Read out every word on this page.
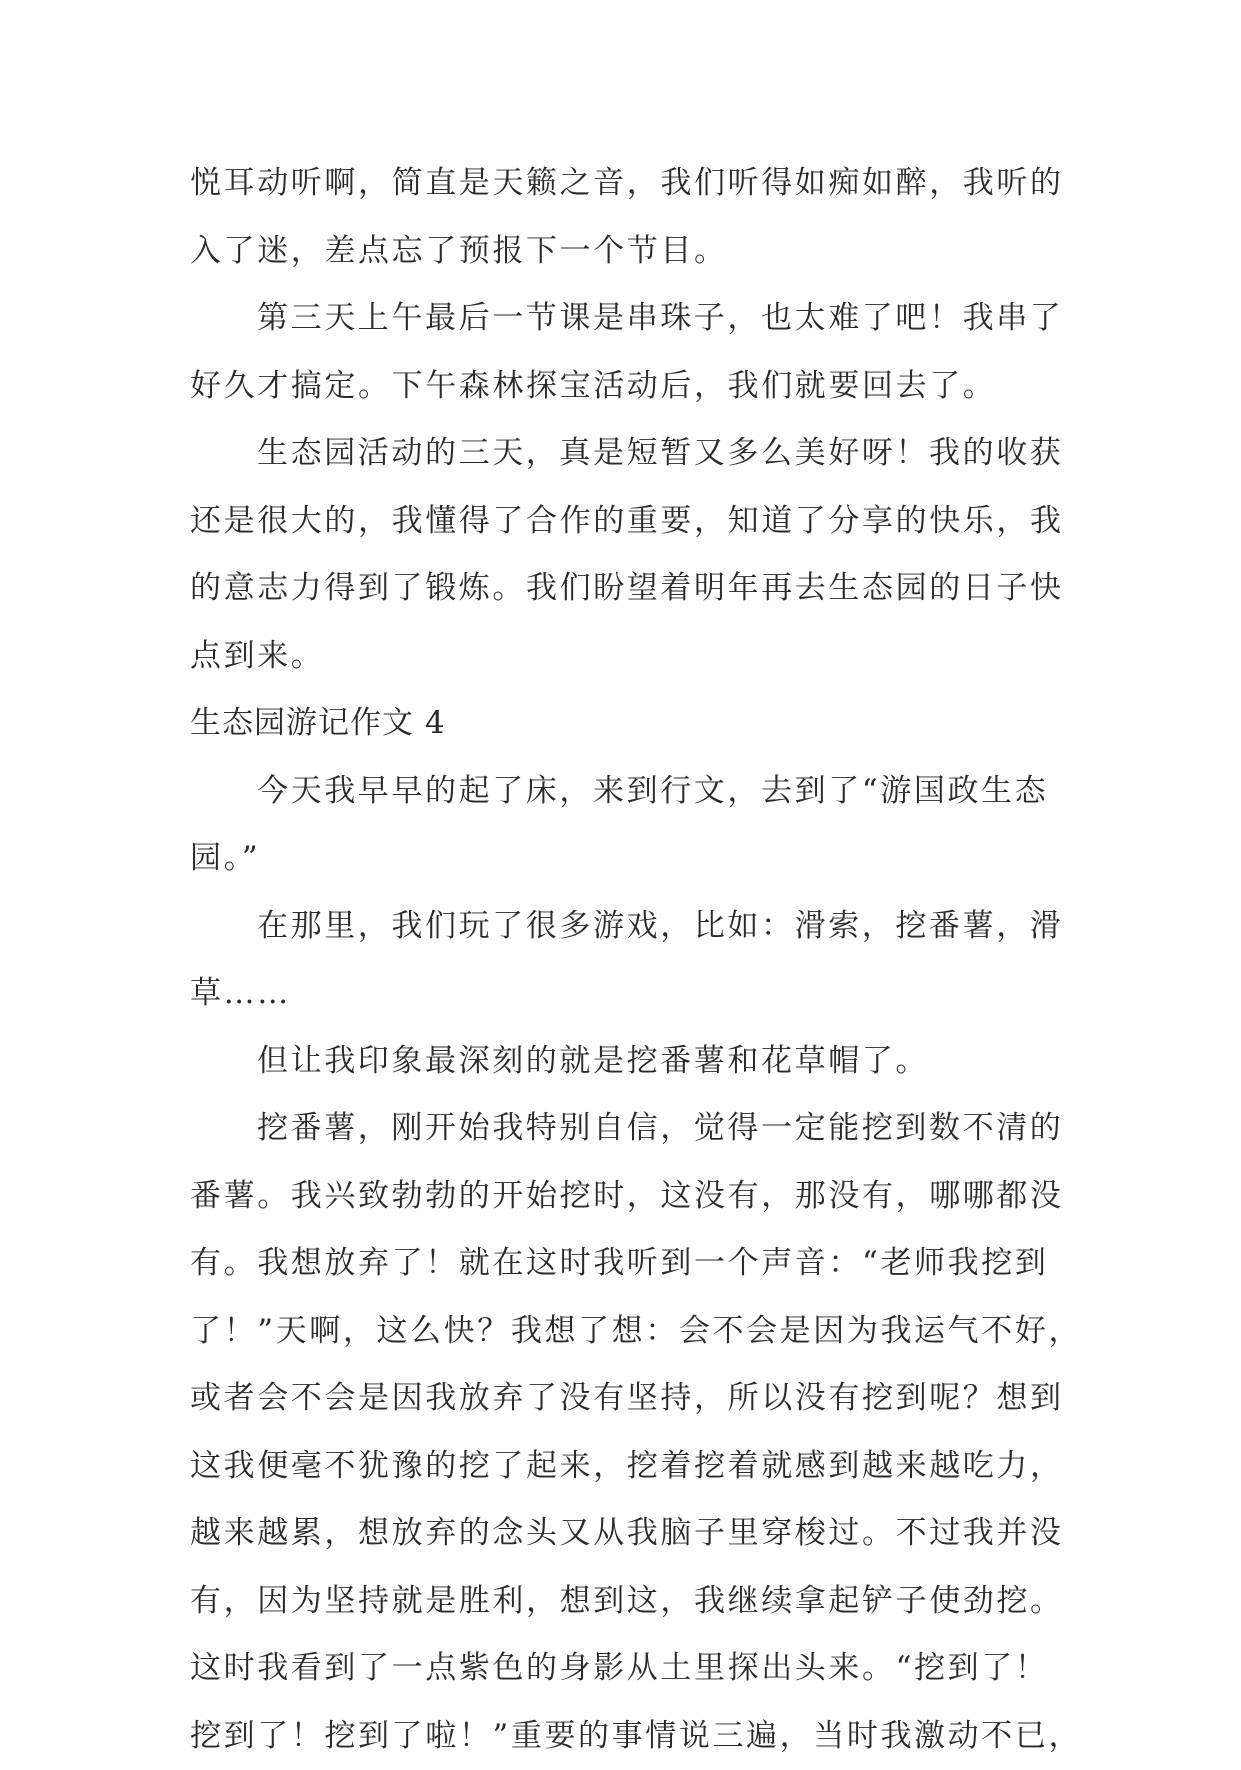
悦耳动听啊，简直是天籁之音，我们听得如痴如醉，我听的
入了迷，差点忘了预报下一个节目。
第三天上午最后一节课是串珠子，也太难了吧！我串了
好久才搞定。下午森林探宝活动后，我们就要回去了。
生态园活动的三天，真是短暂又多么美好呀！我的收获
还是很大的，我懂得了合作的重要，知道了分享的快乐，我
的意志力得到了锻炼。我们盼望着明年再去生态园的日子快
点到来。
生态园游记作文 4
今天我早早的起了床，来到行文，去到了“游国政生态
园。”
在那里，我们玩了很多游戏，比如：滑索，挖番薯，滑
草……
但让我印象最深刻的就是挖番薯和花草帽了。
挖番薯，刚开始我特别自信，觉得一定能挖到数不清的
番薯。我兴致勃勃的开始挖时，这没有，那没有，哪哪都没
有。我想放弃了！就在这时我听到一个声音：“老师我挖到
了！”天啊，这么快？我想了想：会不会是因为我运气不好，
或者会不会是因我放弃了没有坚持，所以没有挖到呢？想到
这我便毫不犹豫的挖了起来，挖着挖着就感到越来越吃力，
越来越累，想放弃的念头又从我脑子里穿梭过。不过我并没
有，因为坚持就是胜利，想到这，我继续拿起铲子使劲挖。
这时我看到了一点紫色的身影从土里探出头来。“挖到了！
挖到了！挖到了啦！”重要的事情说三遍，当时我激动不已，
